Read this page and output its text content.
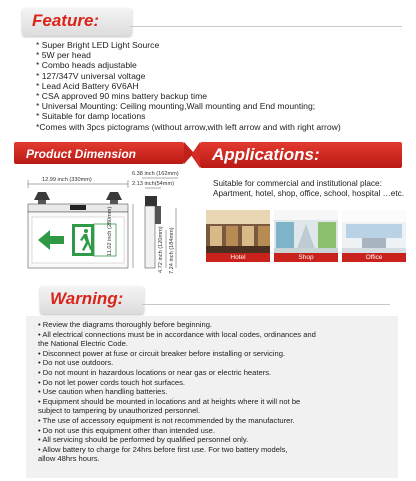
Feature:
* Super Bright LED Light Source
* 5W per head
* Combo heads adjustable
* 127/347V universal voltage
* Lead Acid Battery 6V6AH
* CSA approved 90 mins battery backup time
* Universal Mounting: Ceiling mounting,Wall mounting and End mounting;
* Suitable for damp locations
*Comes with 3pcs pictograms (without arrow,with left arrow and with right arrow)
Product Dimension	Applications:
12.99 inch (330mm)
6.38 inch (162mm)
2.13 inch(54mm)
11.02 inch (280mm)	4.72 inch (120mm) 7.24 inch (184mm)
Suitable for commercial and institutional place: Apartment, hotel, shop, office, school, hospital …etc.
Hotel	Shop	Office
Warning:
• Review the diagrams thoroughly before beginning.
• All electrical connections must be in accordance with local codes, ordinances and
the National Electric Code.
• Disconnect power at fuse or circuit breaker before installing or servicing.
• Do not use outdoors.
• Do not mount in hazardous locations or near gas or electric heaters.
• Do not let power cords touch hot surfaces.
• Use caution when handling batteries.
• Equipment should be mounted in locations and at heights where it will not be
subject to tampering by unauthorized personnel.
• The use of accessory equipment is not recommended by the manufacturer.
• Do not use this equipment other than intended use.
• All servicing should be performed by qualified personnel only.
• Allow battery to charge for 24hrs before first use. For two battery models,
allow 48hrs hours.
